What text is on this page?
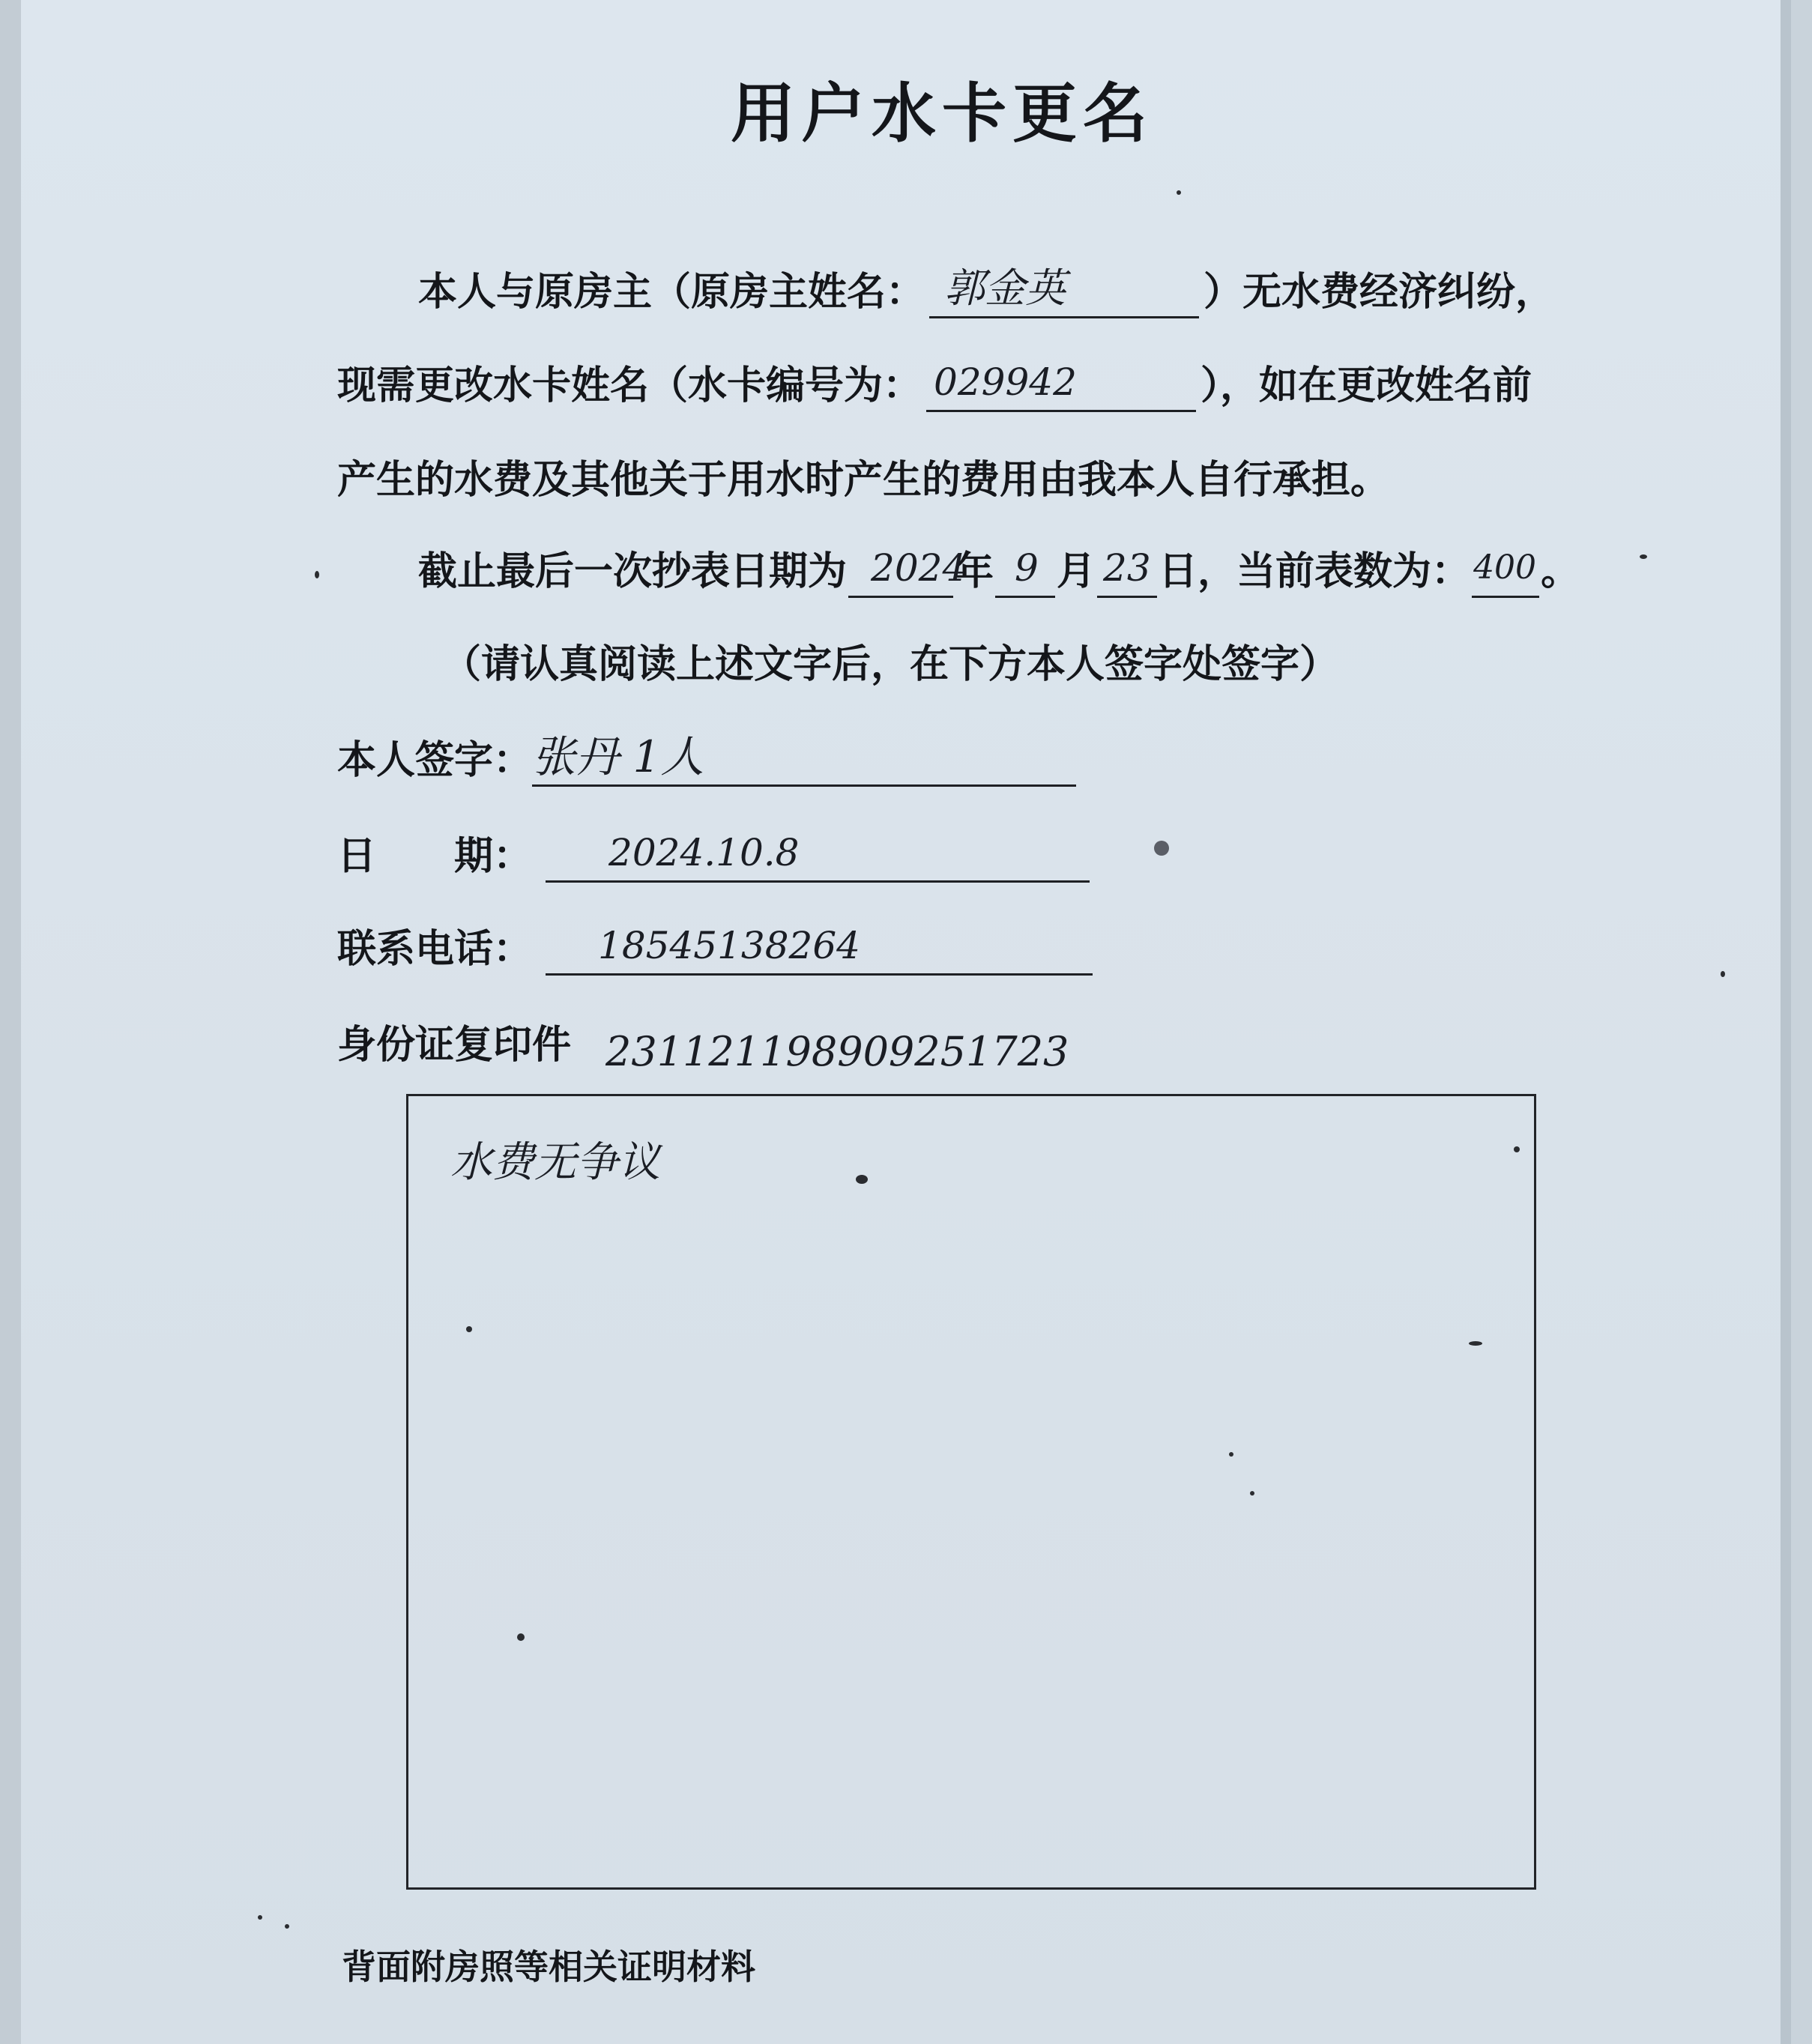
用户水卡更名
本人与原房主（原房主姓名： 郭金英	）无水费经济纠纷，
现需更改水卡姓名（水卡编号为： 029942	），如在更改姓名前
产生的水费及其他关于用水时产生的费用由我本人自行承担。
截止最后一次抄表日期为 2024
年 9 月 23 日，当前表数为： 400 。
（请认真阅读上述文字后，在下方本人签字处签字）
本人签字： 张丹 1人
日　　期： 2024.10.8
联系电话： 18545138264
身份证复印件 231121198909251723
水费无争议
背面附房照等相关证明材料
